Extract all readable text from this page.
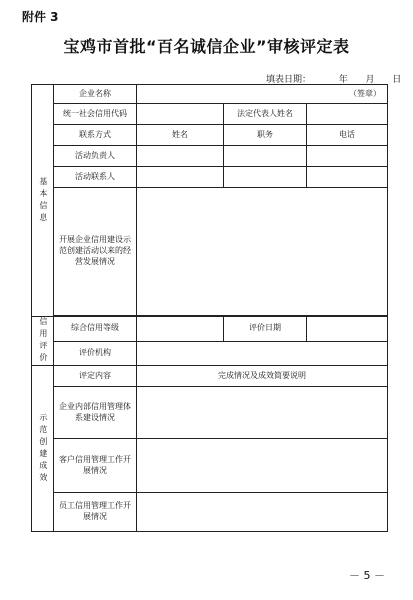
附件 3
宝鸡市首批“百名诚信企业”审核评定表
填表日期：	年 月 日
基本信息	企业名称	（签章）		
	统一社会信用代码		法定代表人姓名	
	联系方式	姓名	职务	电话
	活动负责人			
	活动联系人			
	开展企业信用建设示范创建活动以来的经营发展情况			

信用评价	综合信用等级		评价日期	
	评价机构			
示范创建成效	评定内容	完成情况及成效简要说明		
	企业内部信用管理体系建设情况			
	客户信用管理工作开展情况			
	员工信用管理工作开展情况			
－ 5 －
